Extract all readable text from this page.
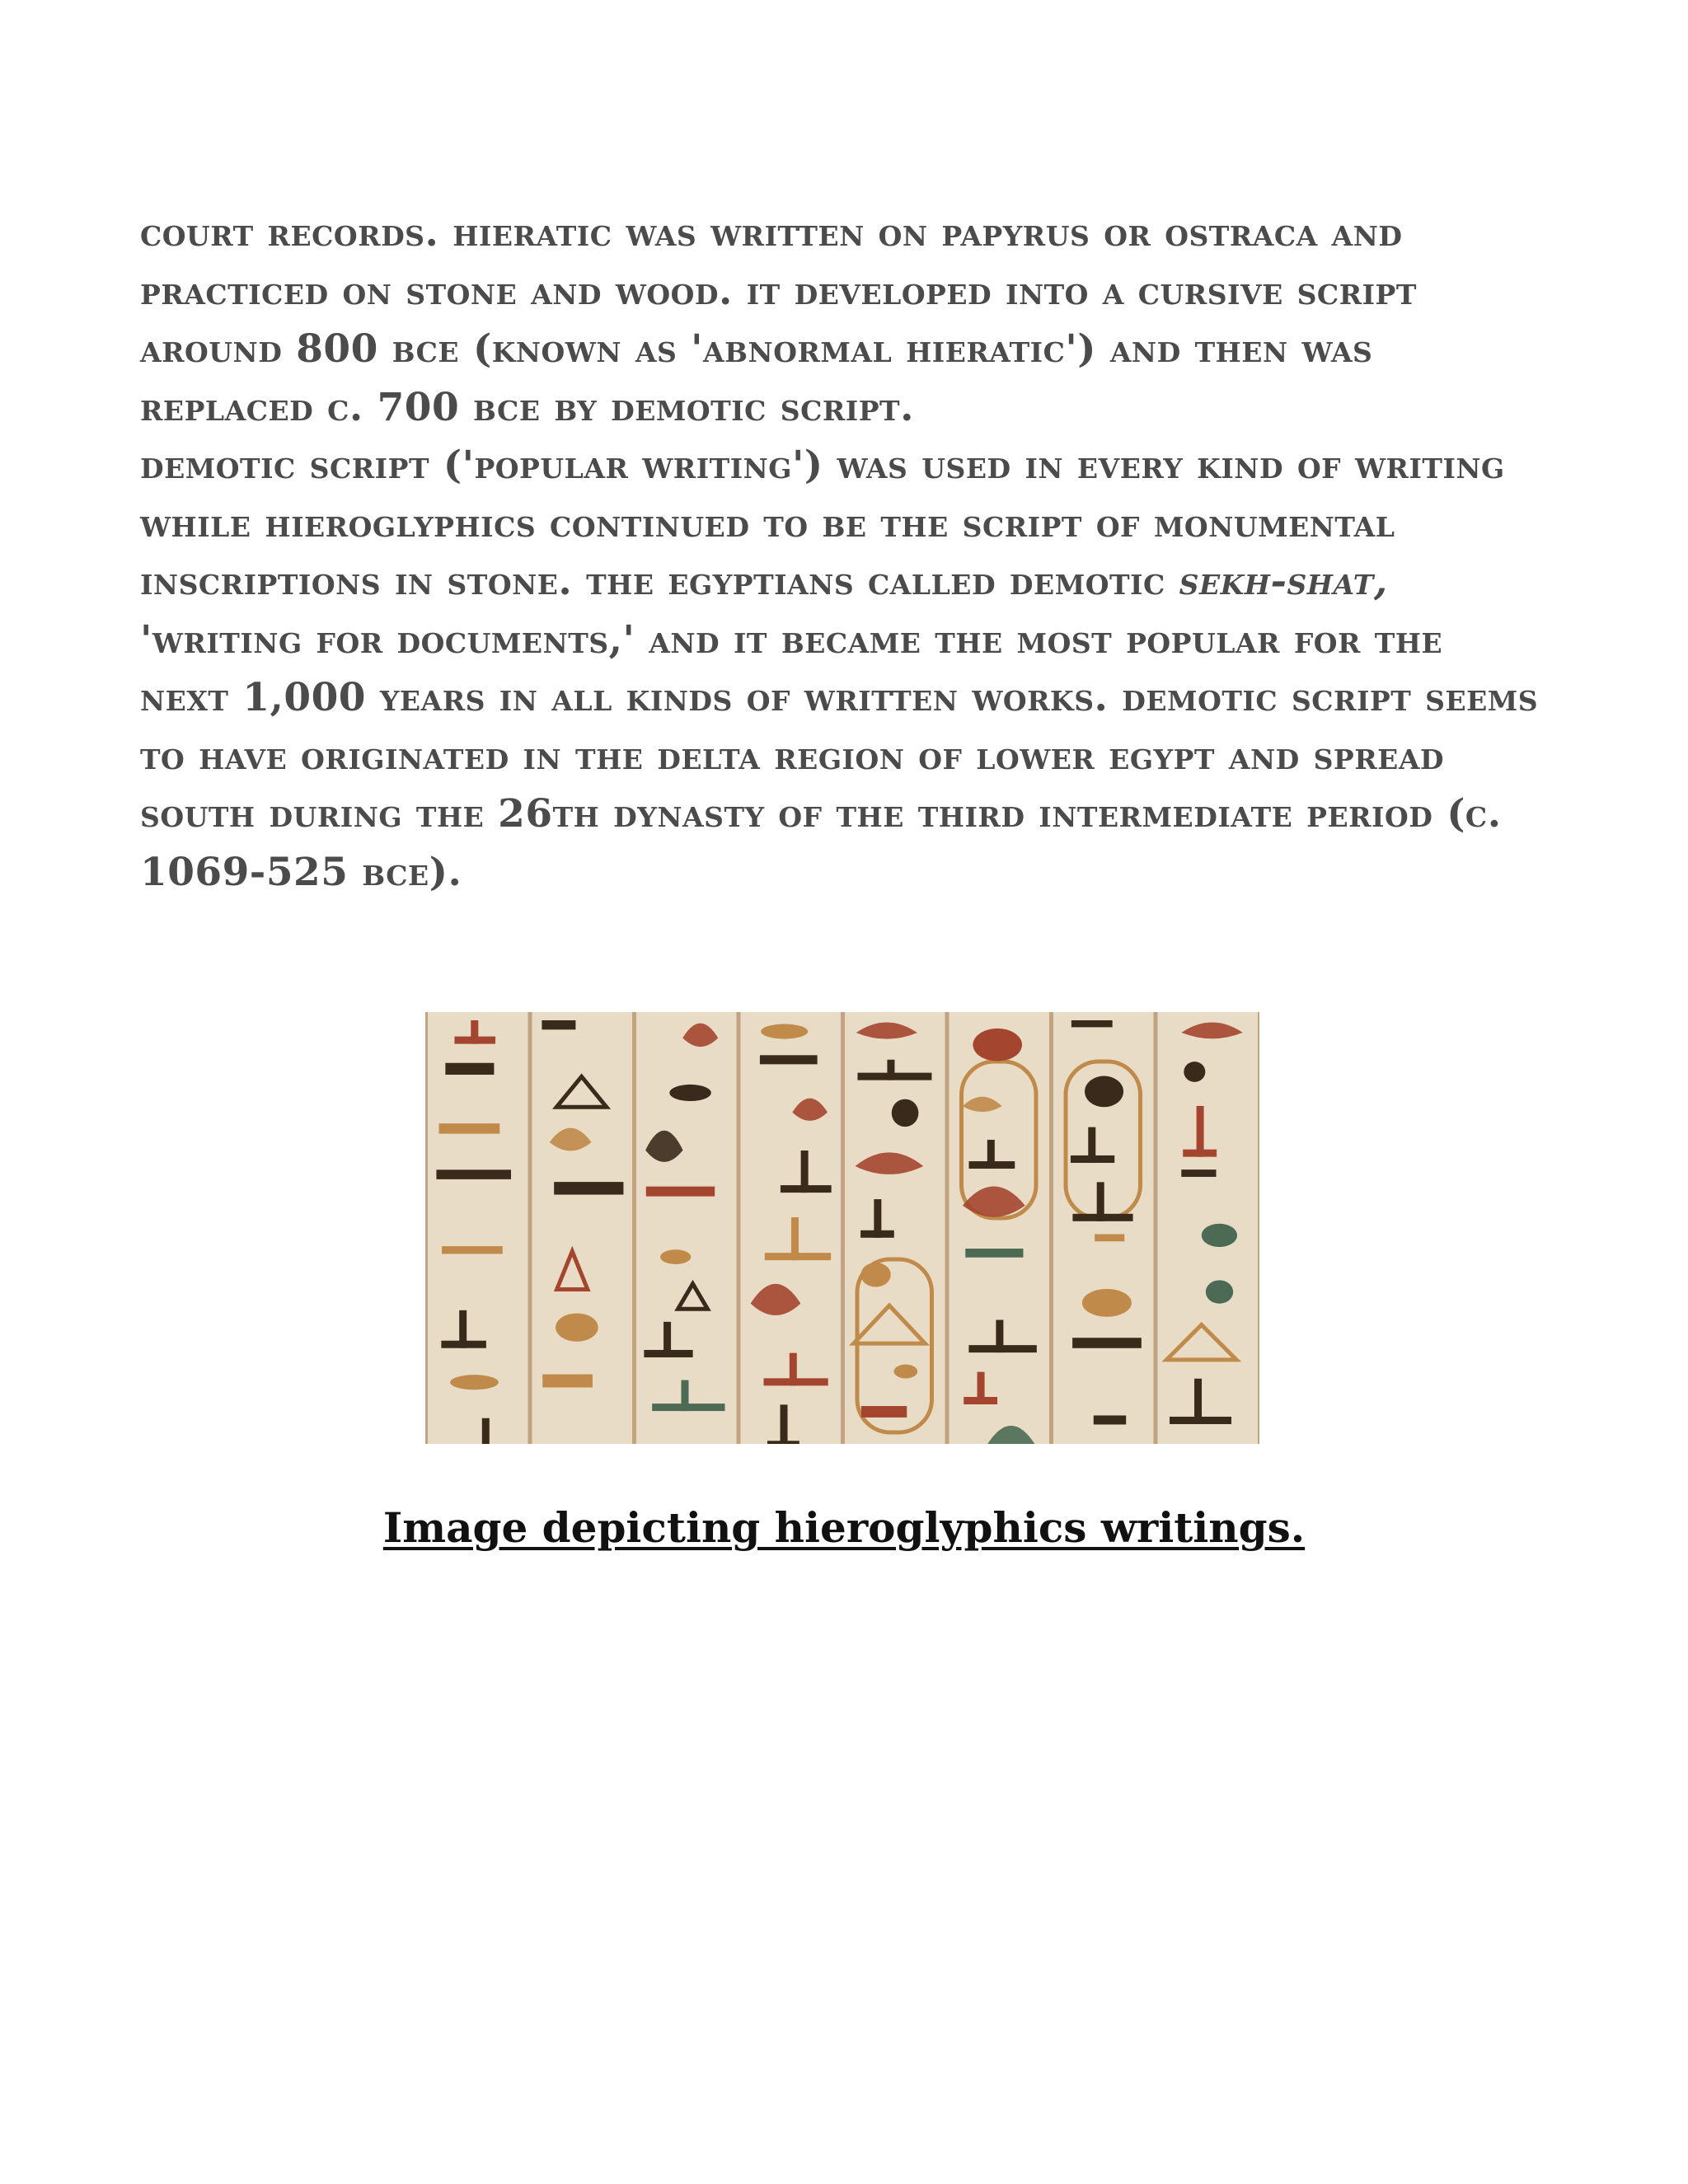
court records. hieratic was written on papyrus or ostraca and practiced on stone and wood. it developed into a cursive script around 800 bce (known as 'abnormal hieratic') and then was replaced c. 700 bce by demotic script.
demotic script ('popular writing') was used in every kind of writing while hieroglyphics continued to be the script of monumental inscriptions in stone. the egyptians called demotic sekh-shat, 'writing for documents,' and it became the most popular for the next 1,000 years in all kinds of written works. demotic script seems to have originated in the delta region of lower egypt and spread south during the 26th dynasty of the third intermediate period (c. 1069-525 bce).
Image depicting hieroglyphics writings.
